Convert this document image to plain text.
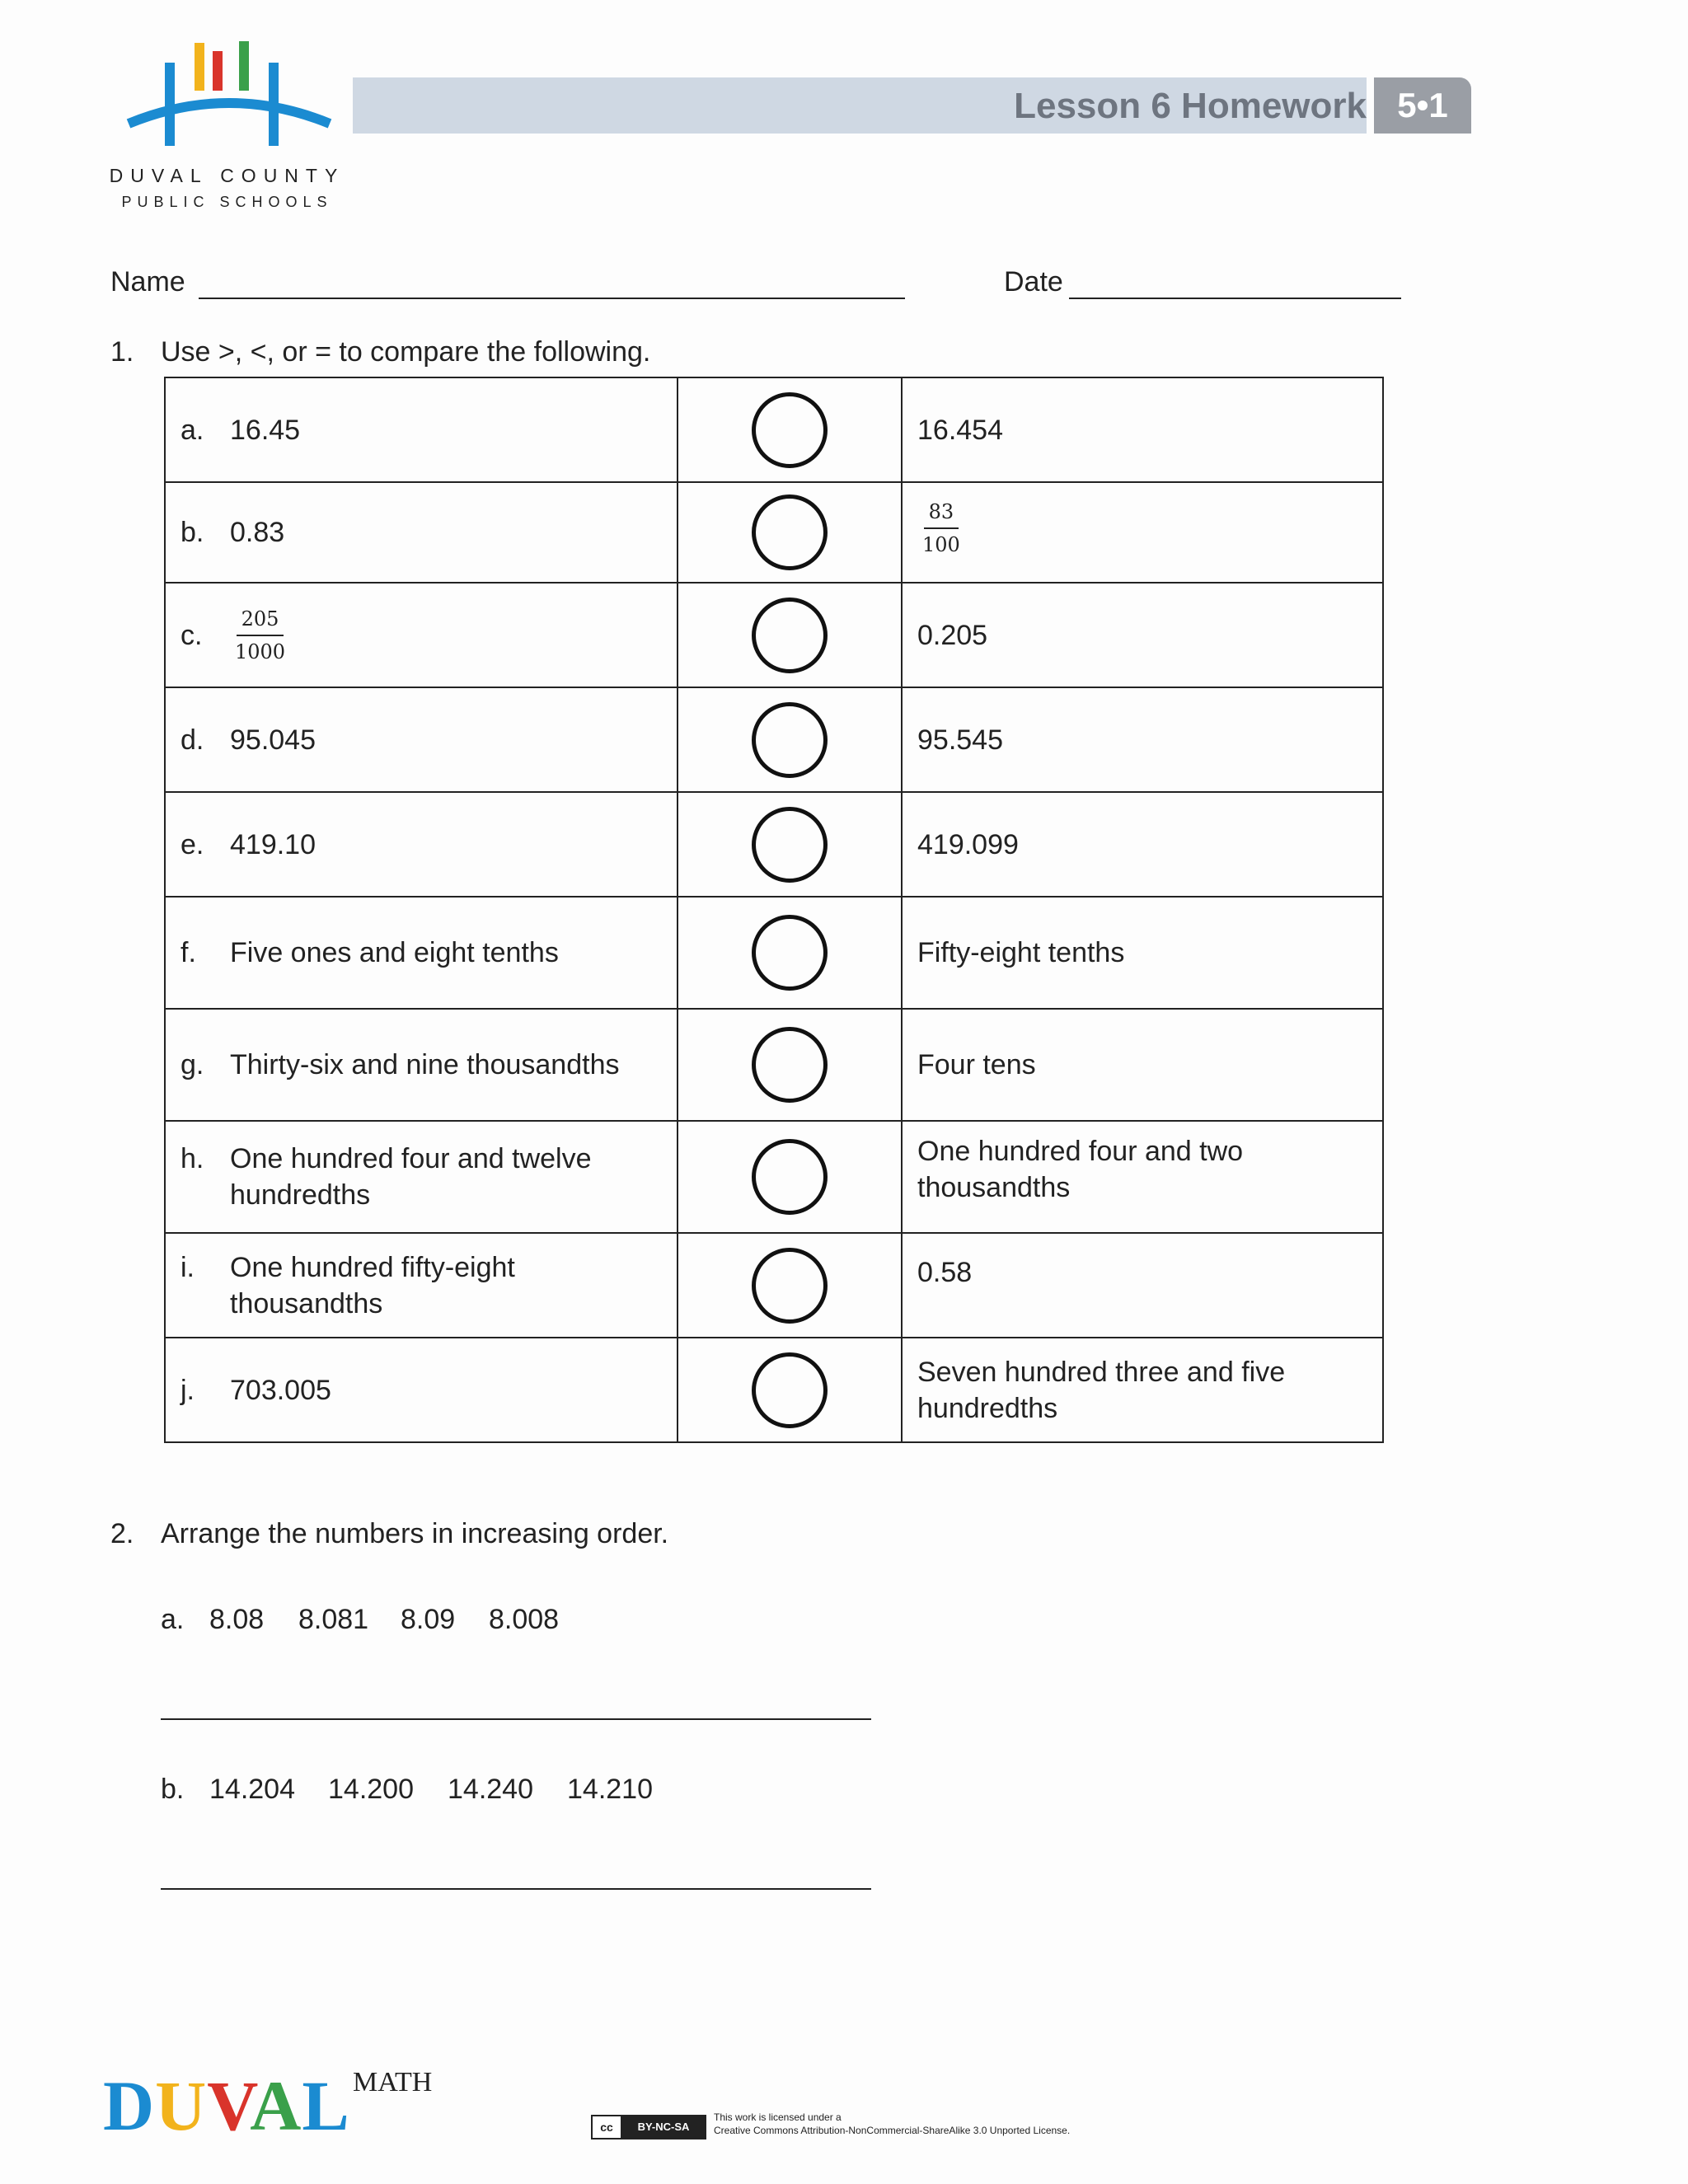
DUVAL COUNTY
PUBLIC SCHOOLS
Lesson 6 Homework 5•1
Name	Date
1. Use >, <, or = to compare the following.
a. 16.45		16.454

b. 0.83		$\frac{83}{100}$

c. $\frac{205}{1000}$		0.205

d. 95.045		95.545

e. 419.10		419.099

f. Five ones and eight tenths		Fifty-eight tenths

g. Thirty-six and nine thousandths		Four tens

h. One hundred four and twelve hundredths		One hundred four and two thousandths

i. One hundred fifty-eight thousandths		0.58

j. 703.005		Seven hundred three and five hundredths
2. Arrange the numbers in increasing order.
a. 8.08 8.081 8.09 8.008
b. 14.204 14.200 14.240 14.210
DUVAL MATH
cc	BY-NC-SA
This work is licensed under a
Creative Commons Attribution-NonCommercial-ShareAlike 3.0 Unported License.
